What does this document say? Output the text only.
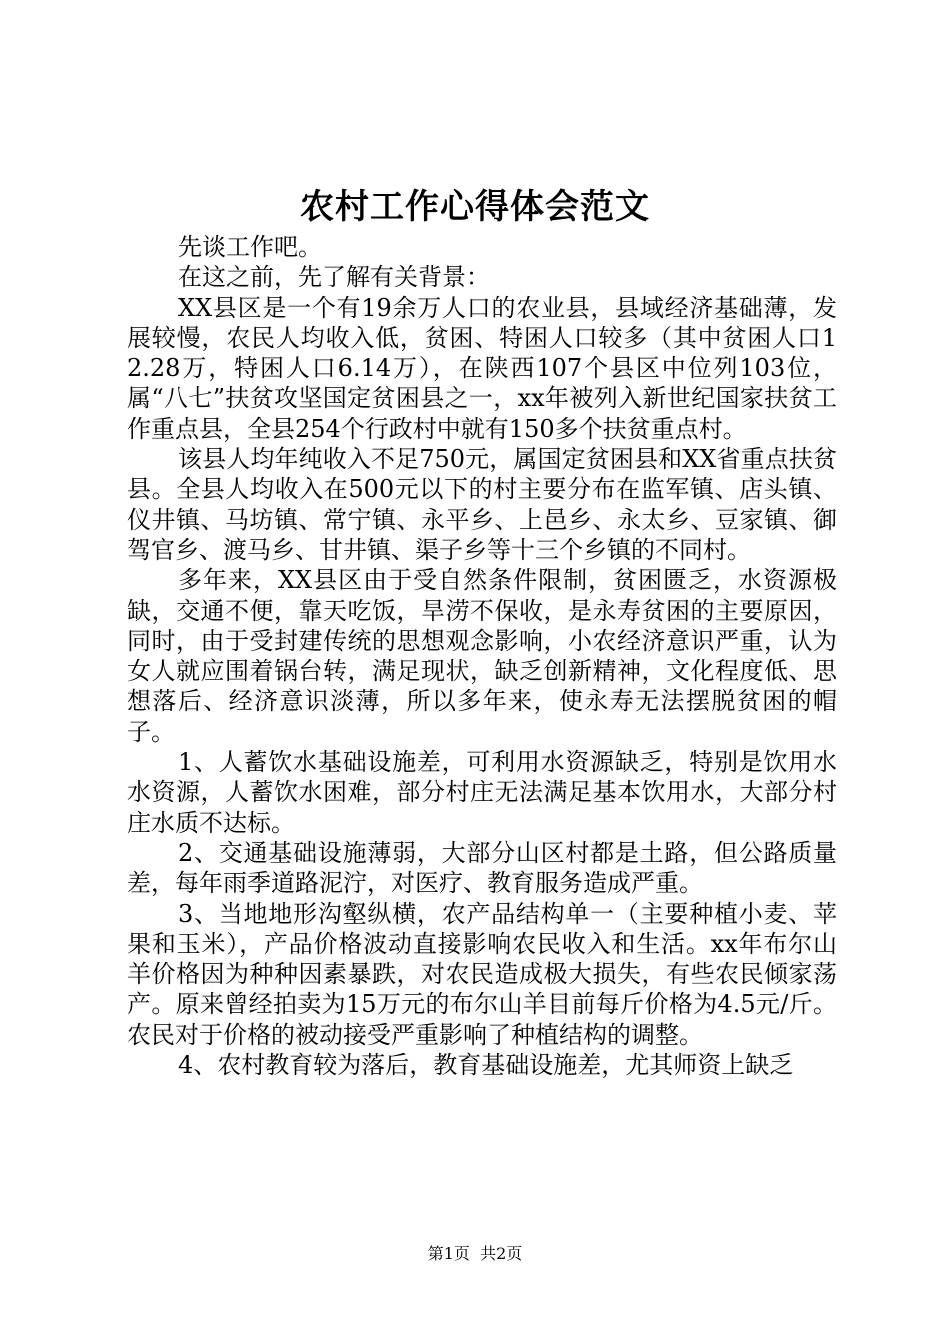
农村工作心得体会范文

先谈工作吧。

在这之前，先了解有关背景：

XX县区是一个有19余万人口的农业县，县域经济基础薄，发展较慢，农民人均收入低，贫困、特困人口较多（其中贫困人口12.28万，特困人口6.14万），在陕西107个县区中位列103位，属“八七”扶贫攻坚国定贫困县之一，xx年被列入新世纪国家扶贫工作重点县，全县254个行政村中就有150多个扶贫重点村。

该县人均年纯收入不足750元，属国定贫困县和XX省重点扶贫县。全县人均收入在500元以下的村主要分布在监军镇、店头镇、仪井镇、马坊镇、常宁镇、永平乡、上邑乡、永太乡、豆家镇、御驾官乡、渡马乡、甘井镇、渠子乡等十三个乡镇的不同村。

多年来，XX县区由于受自然条件限制，贫困匮乏，水资源极缺，交通不便，靠天吃饭，旱涝不保收，是永寿贫困的主要原因，同时，由于受封建传统的思想观念影响，小农经济意识严重，认为女人就应围着锅台转，满足现状，缺乏创新精神，文化程度低、思想落后、经济意识淡薄，所以多年来，使永寿无法摆脱贫困的帽子。

1、人蓄饮水基础设施差，可利用水资源缺乏，特别是饮用水水资源，人蓄饮水困难，部分村庄无法满足基本饮用水，大部分村庄水质不达标。

2、交通基础设施薄弱，大部分山区村都是土路，但公路质量差，每年雨季道路泥泞，对医疗、教育服务造成严重。

3、当地地形沟壑纵横，农产品结构单一（主要种植小麦、苹果和玉米），产品价格波动直接影响农民收入和生活。xx年布尔山羊价格因为种种因素暴跌，对农民造成极大损失，有些农民倾家荡产。原来曾经拍卖为15万元的布尔山羊目前每斤价格为4.5元/斤。农民对于价格的被动接受严重影响了种植结构的调整。

4、农村教育较为落后，教育基础设施差，尤其师资上缺乏

第1页 共2页
